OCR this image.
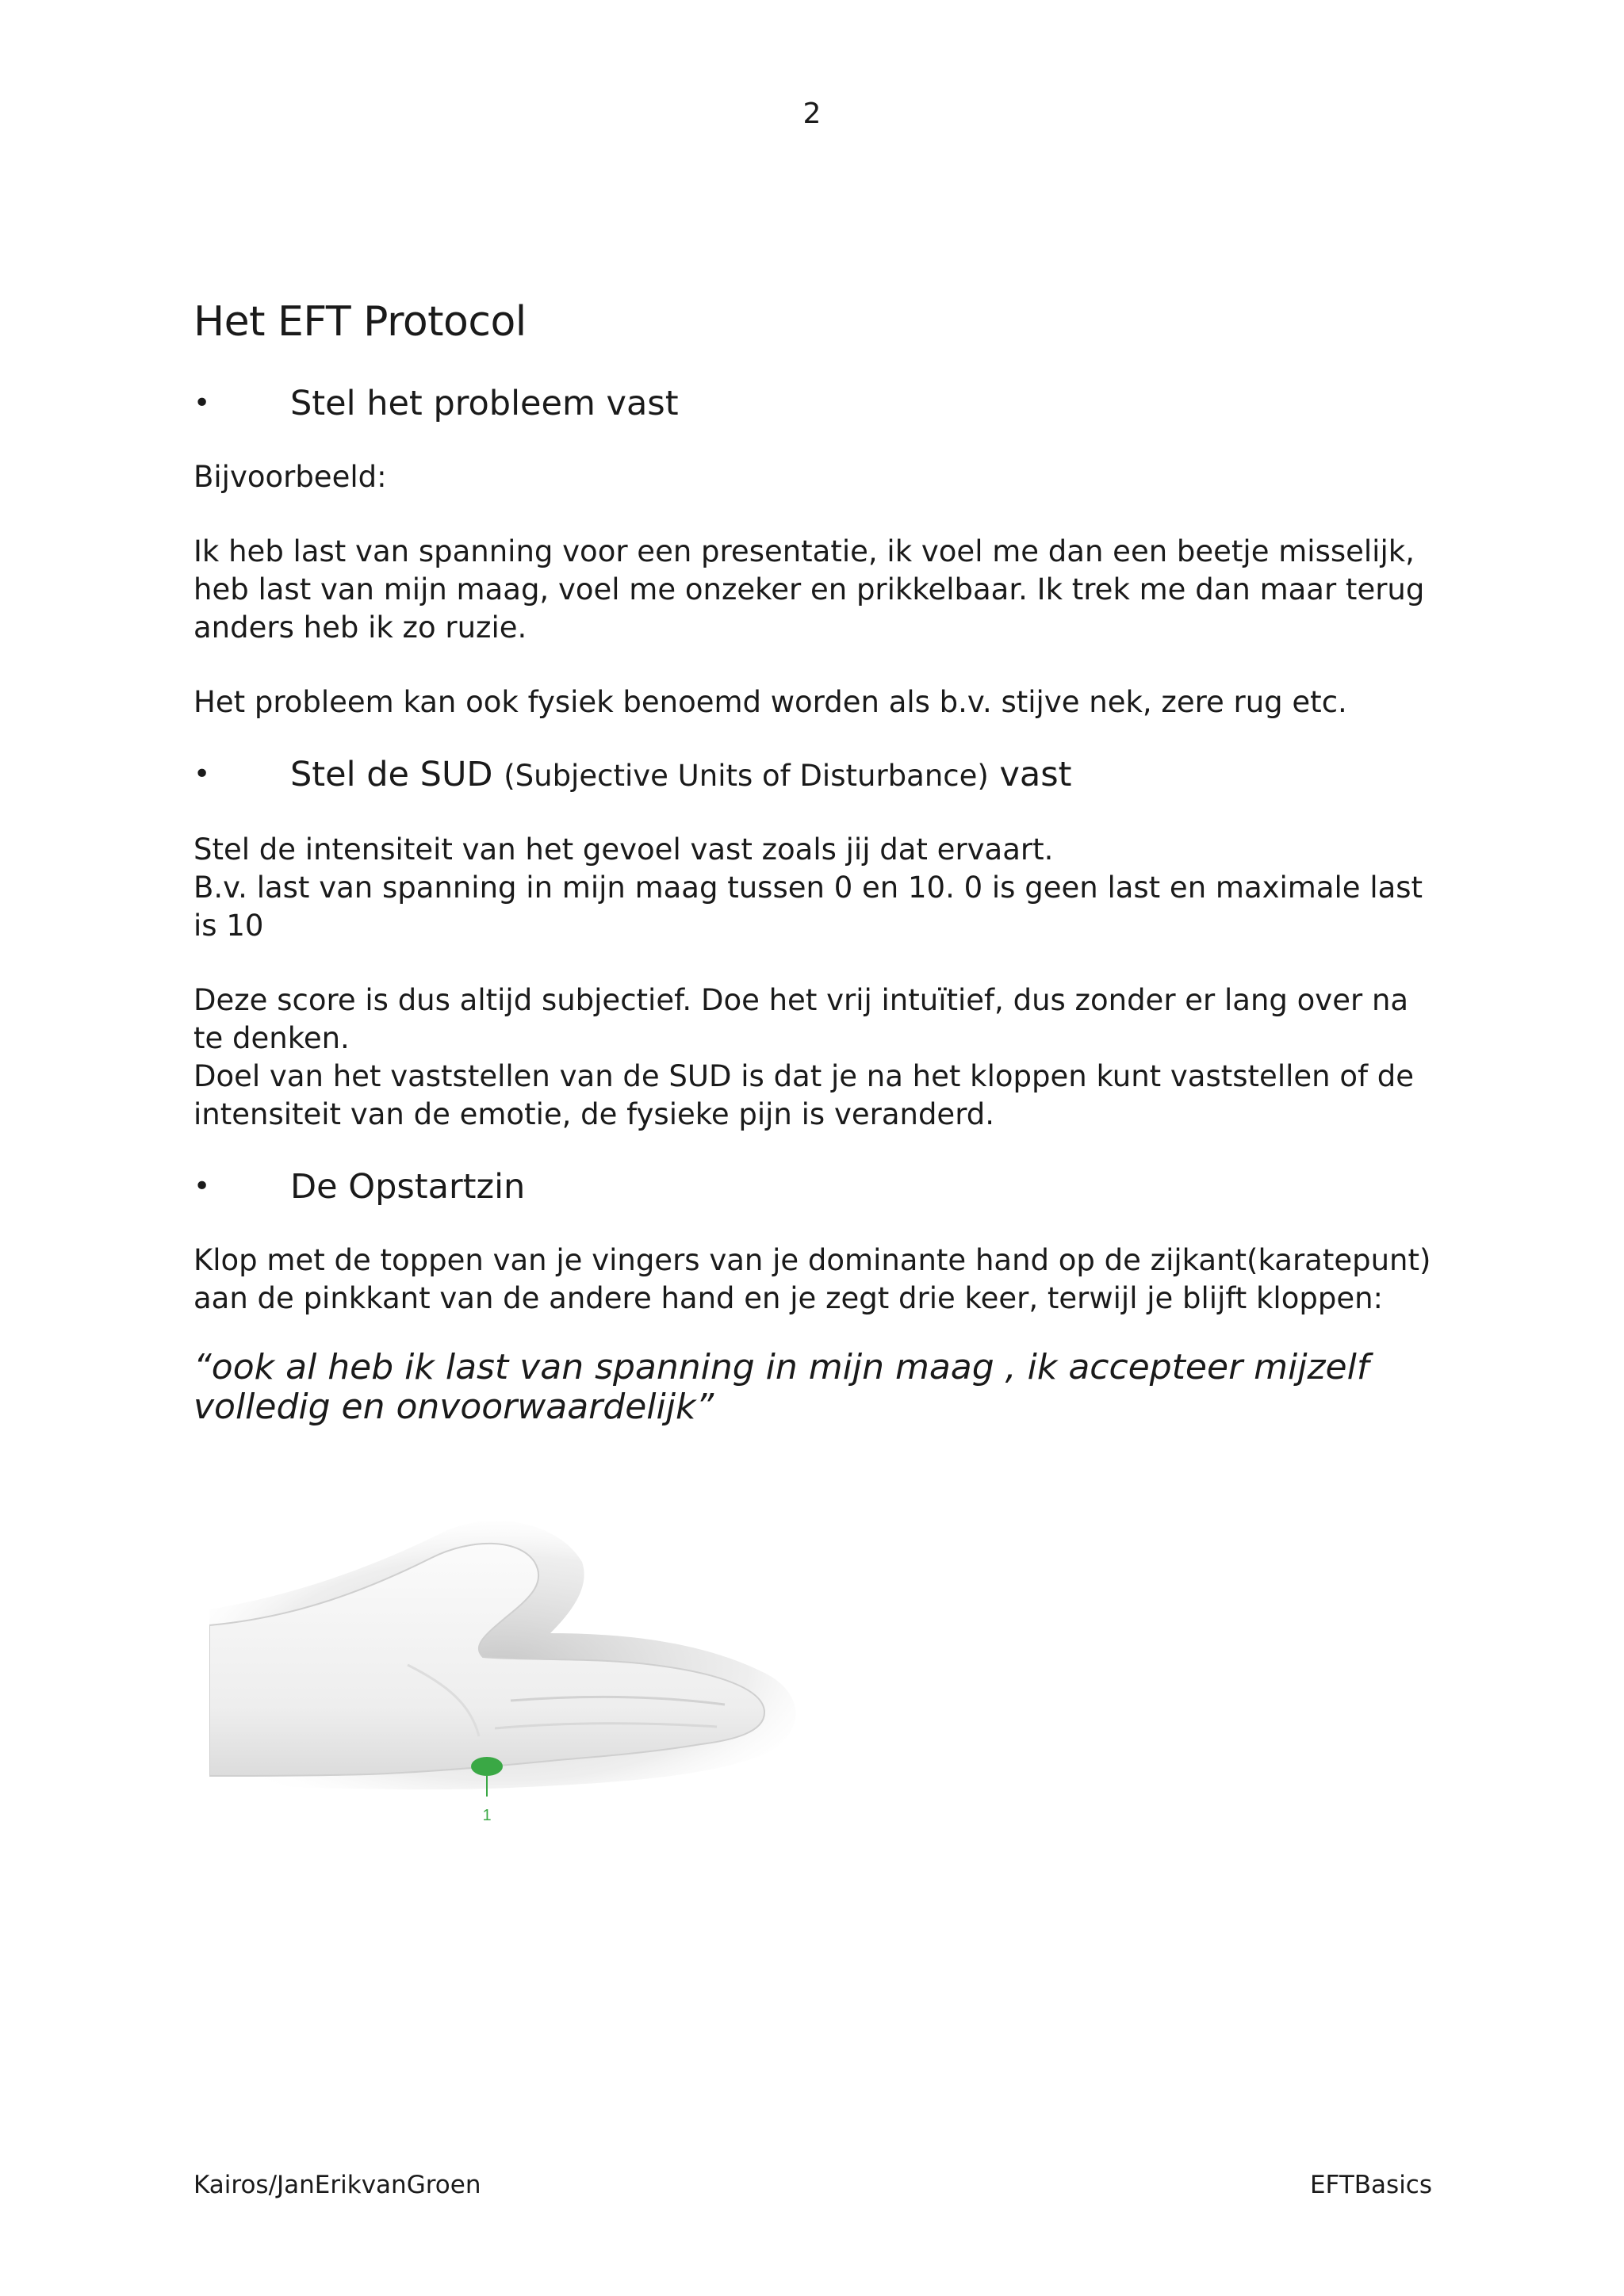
2
Het EFT Protocol
• Stel het probleem vast

Bijvoorbeeld:

Ik heb last van spanning voor een presentatie, ik voel me dan een beetje misselijk, heb last van mijn maag, voel me onzeker en prikkelbaar. Ik trek me dan maar terug anders heb ik zo ruzie.

Het probleem kan ook fysiek benoemd worden als b.v. stijve nek, zere rug etc.

• Stel de SUD (Subjective Units of Disturbance) vast

Stel de intensiteit van het gevoel vast zoals jij dat ervaart.

B.v. last van spanning in mijn maag tussen 0 en 10. 0 is geen last en maximale last is 10

Deze score is dus altijd subjectief. Doe het vrij intuïtief, dus zonder er lang over na te denken.

Doel van het vaststellen van de SUD is dat je na het kloppen kunt vaststellen of de intensiteit van de emotie, de fysieke pijn is veranderd.

• De Opstartzin

Klop met de toppen van je vingers van je dominante hand op de zijkant(karatepunt) aan de pinkkant van de andere hand en je zegt drie keer, terwijl je blijft kloppen:

“ook al heb ik last van spanning in mijn maag , ik accepteer mijzelf volledig en onvoorwaardelijk”

1
Kairos/JanErikvanGroen	EFTBasics
